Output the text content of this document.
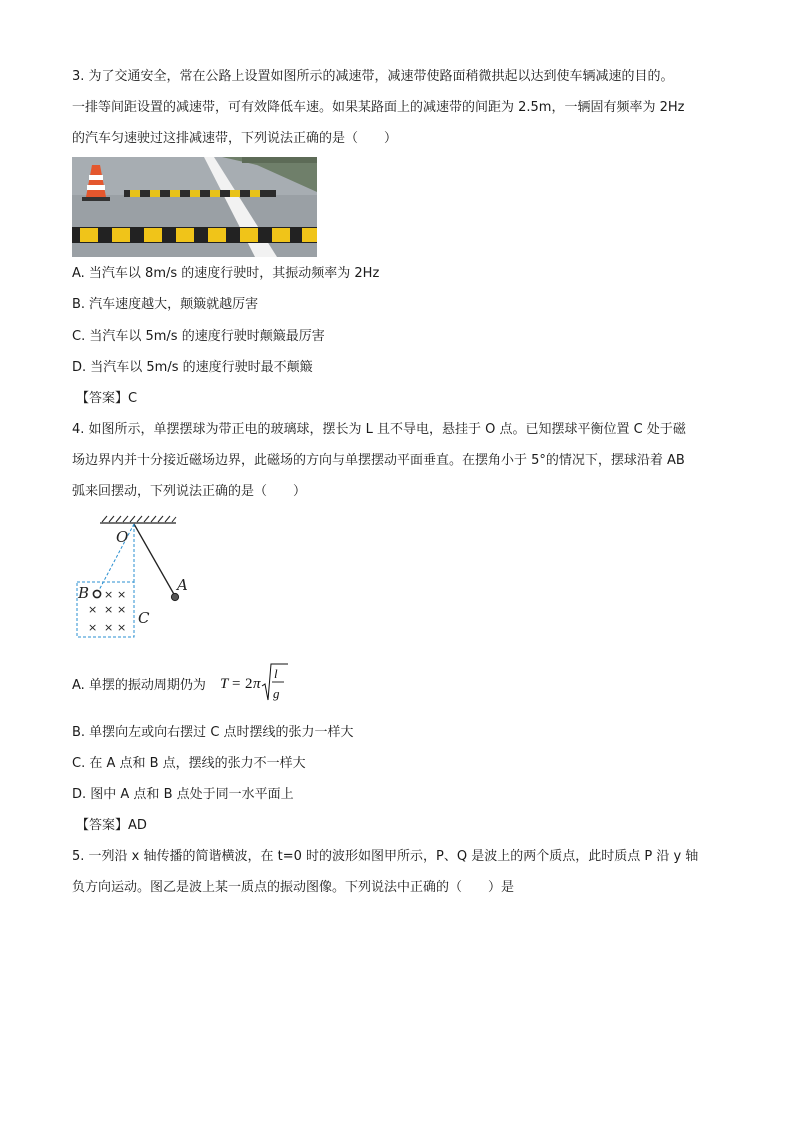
3. 为了交通安全，常在公路上设置如图所示的减速带，减速带使路面稍微拱起以达到使车辆减速的目的。
一排等间距设置的减速带，可有效降低车速。如果某路面上的减速带的间距为 2.5m，一辆固有频率为 2Hz
的汽车匀速驶过这排减速带，下列说法正确的是（　　）
A. 当汽车以 8m/s 的速度行驶时，其振动频率为 2Hz
B. 汽车速度越大，颠簸就越厉害
C. 当汽车以 5m/s 的速度行驶时颠簸最厉害
D. 当汽车以 5m/s 的速度行驶时最不颠簸
【答案】C
4. 如图所示，单摆摆球为带正电的玻璃球，摆长为 L 且不导电，悬挂于 O 点。已知摆球平衡位置 C 处于磁
场边界内并十分接近磁场边界，此磁场的方向与单摆摆动平面垂直。在摆角小于 5°的情况下，摆球沿着 AB
弧来回摆动，下列说法正确的是（　　）
× ×
× × ×
× × ×
O
A
B
C
A. 单摆的振动周期仍为 T = 2 π
l
g
B. 单摆向左或向右摆过 C 点时摆线的张力一样大
C. 在 A 点和 B 点，摆线的张力不一样大
D. 图中 A 点和 B 点处于同一水平面上
【答案】AD
5. 一列沿 x 轴传播的简谐横波，在 t=0 时的波形如图甲所示，P、Q 是波上的两个质点，此时质点 P 沿 y 轴
负方向运动。图乙是波上某一质点的振动图像。下列说法中正确的（　　）是
